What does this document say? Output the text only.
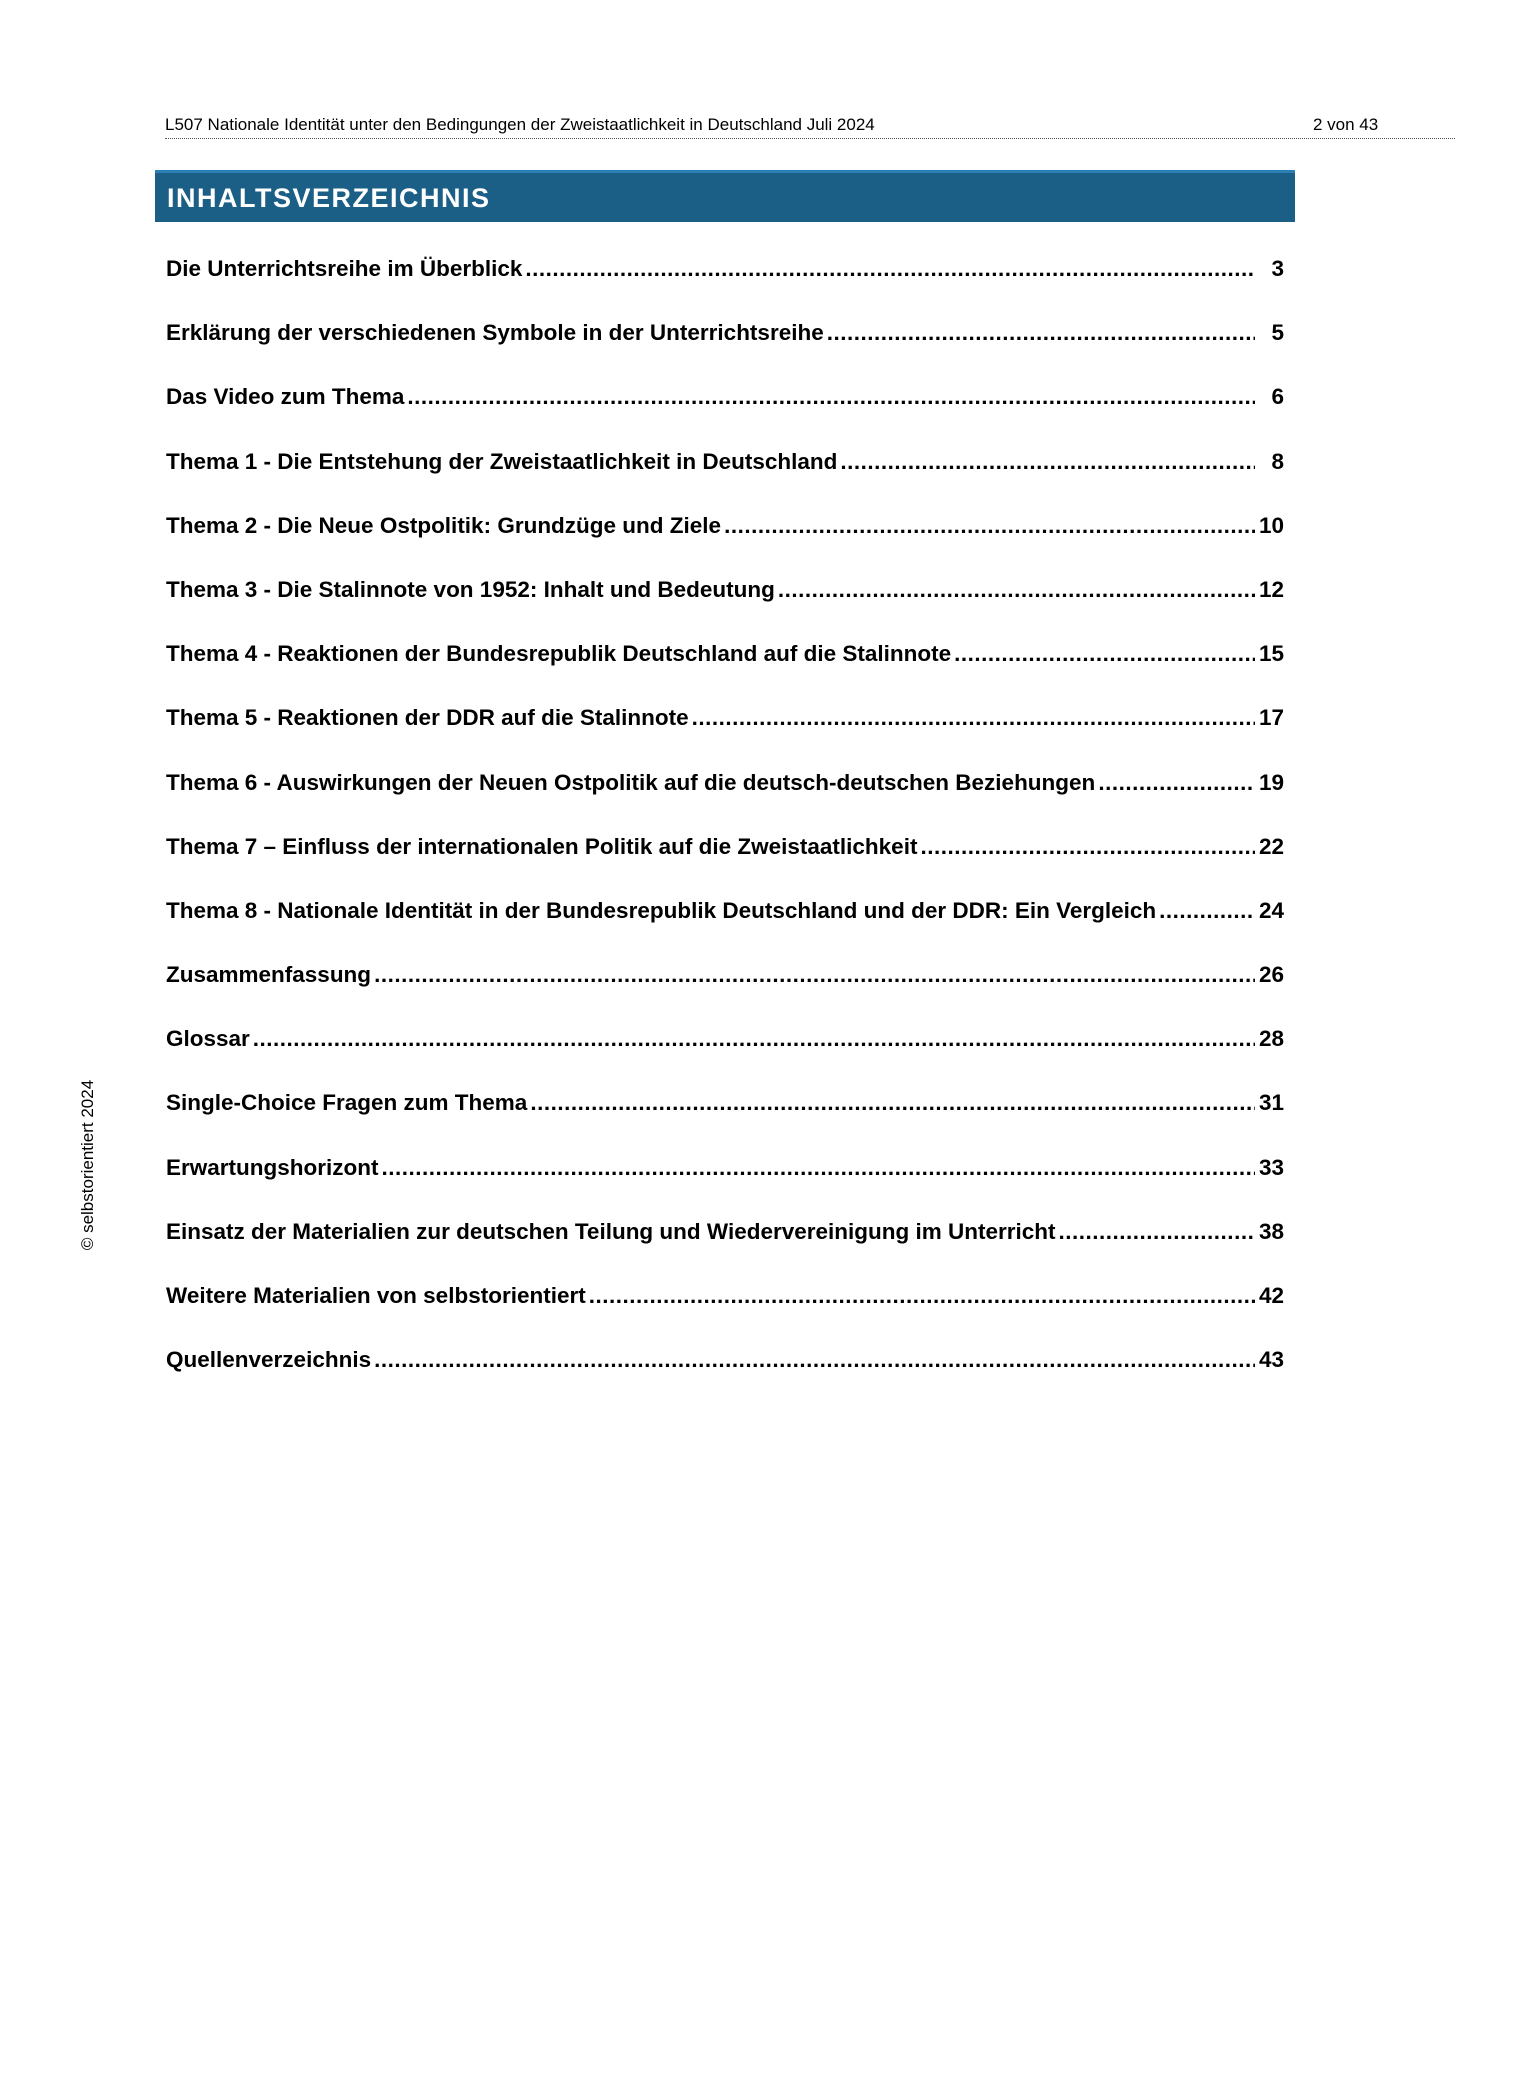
L507 Nationale Identität unter den Bedingungen der Zweistaatlichkeit in Deutschland Juli 2024	2 von 43
INHALTSVERZEICHNIS
Die Unterrichtsreihe im Überblick .....	3
Erklärung der verschiedenen Symbole in der Unterrichtsreihe .....	5
Das Video zum Thema .....	6
Thema 1 - Die Entstehung der Zweistaatlichkeit in Deutschland .....	8
Thema 2 - Die Neue Ostpolitik: Grundzüge und Ziele .....	10
Thema 3 - Die Stalinnote von 1952: Inhalt und Bedeutung .....	12
Thema 4 - Reaktionen der Bundesrepublik Deutschland auf die Stalinnote .....	15
Thema 5 - Reaktionen der DDR auf die Stalinnote .....	17
Thema 6 - Auswirkungen der Neuen Ostpolitik auf die deutsch-deutschen Beziehungen .....	19
Thema 7 – Einfluss der internationalen Politik auf die Zweistaatlichkeit .....	22
Thema 8 - Nationale Identität in der Bundesrepublik Deutschland und der DDR: Ein Vergleich .....	24
Zusammenfassung .....	26
Glossar .....	28
Single-Choice Fragen zum Thema .....	31
Erwartungshorizont .....	33
Einsatz der Materialien zur deutschen Teilung und Wiedervereinigung im Unterricht .....	38
Weitere Materialien von selbstorientiert .....	42
Quellenverzeichnis .....	43
© selbstorientiert 2024
